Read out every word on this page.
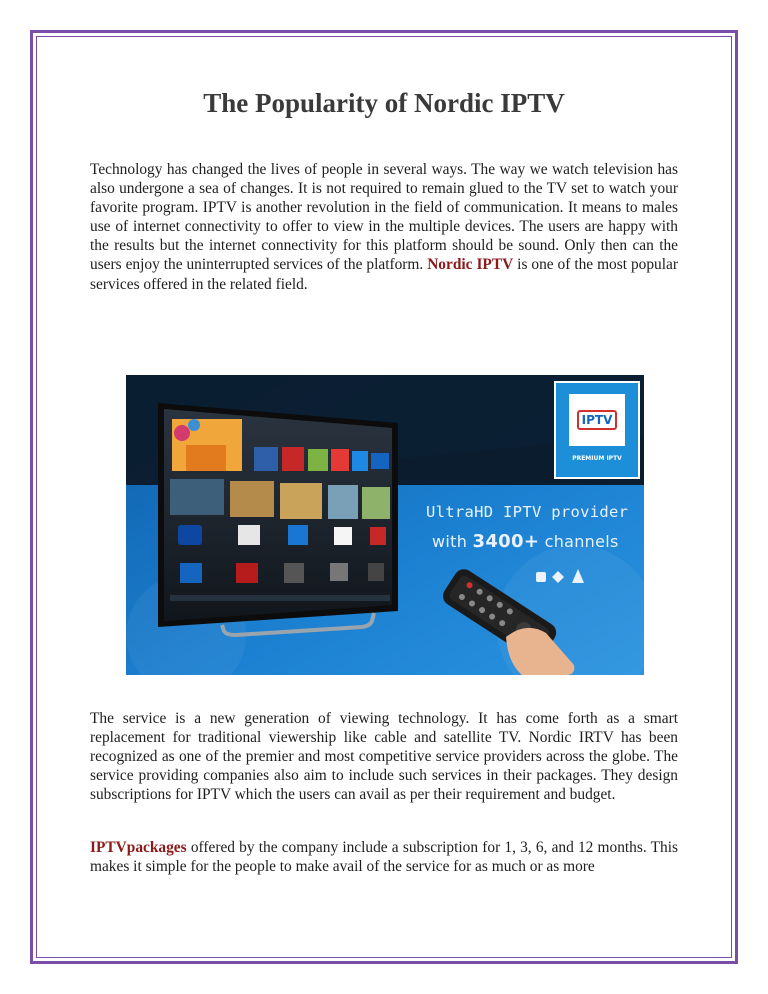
The Popularity of Nordic IPTV

Technology has changed the lives of people in several ways. The way we watch television has also undergone a sea of changes. It is not required to remain glued to the TV set to watch your favorite program. IPTV is another revolution in the field of communication. It means to males use of internet connectivity to offer to view in the multiple devices. The users are happy with the results but the internet connectivity for this platform should be sound. Only then can the users enjoy the uninterrupted services of the platform. Nordic IPTV is one of the most popular services offered in the related field.

IPTV
PREMIUM IPTV
UltraHD IPTV provider
with 3400+ channels

The service is a new generation of viewing technology. It has come forth as a smart replacement for traditional viewership like cable and satellite TV. Nordic IRTV has been recognized as one of the premier and most competitive service providers across the globe. The service providing companies also aim to include such services in their packages. They design subscriptions for IPTV which the users can avail as per their requirement and budget.

IPTVpackages offered by the company include a subscription for 1, 3, 6, and 12 months. This makes it simple for the people to make avail of the service for as much or as more
